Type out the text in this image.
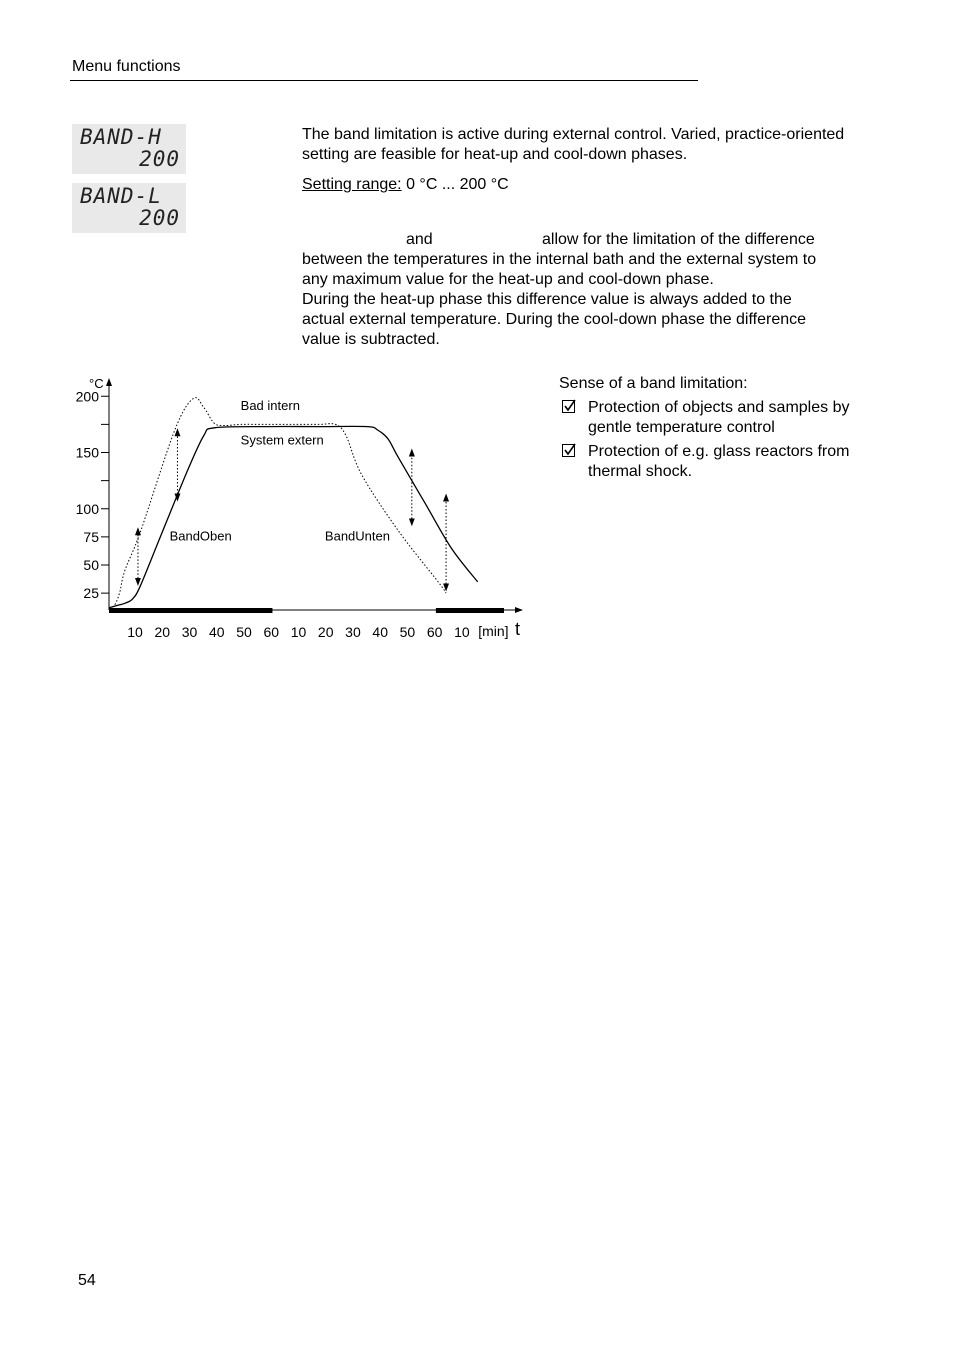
Menu functions
BAND-H
200
BAND-L
200
The band limitation is active during external control. Varied, practice-oriented setting are feasible for heat-up and cool-down phases.
Setting range: 0 °C ... 200 °C
and	allow for the limitation of the difference
between the temperatures in the internal bath and the external system to
any maximum value for the heat-up and cool-down phase.
During the heat-up phase this difference value is always added to the
actual external temperature. During the cool-down phase the difference
value is subtracted.
Sense of a band limitation:
Protection of objects and samples by
gentle temperature control
Protection of e.g. glass reactors from
thermal shock.
°C
25
50
75
100
150
200
10 20 30 40 50 60 10 20 30 40 50 60 10 [min] t
Bad intern
System extern
BandOben	BandUnten
54
